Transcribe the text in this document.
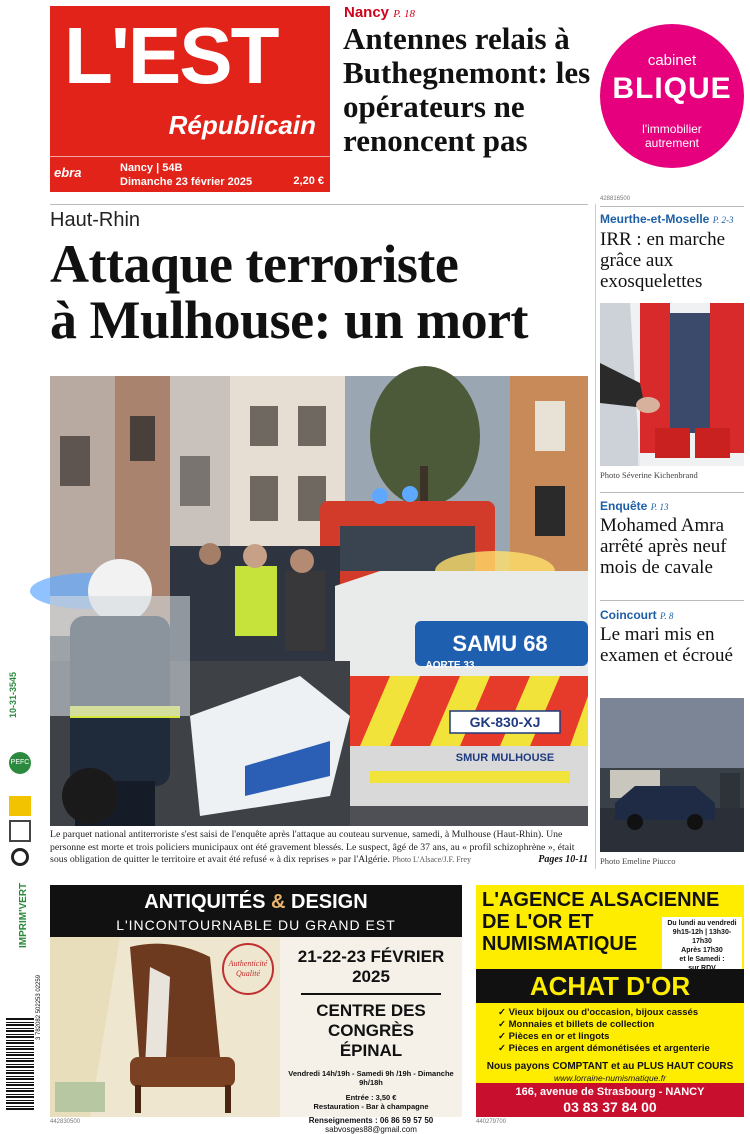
L'EST
Républicain
ebra	Nancy | 54B
Dimanche 23 février 2025	2,20 €
Nancy P. 18
Antennes relais à Buthegnemont: les opérateurs ne renoncent pas
cabinet
BLIQUE
l'immobilier
autrement
428816500
Haut-Rhin
Attaque terroriste
à Mulhouse: un mort
SAMU 68
AORTE 33
GK-830-XJ
SMUR MULHOUSE
Le parquet national antiterroriste s'est saisi de l'enquête après l'attaque au couteau survenue, samedi, à Mulhouse (Haut-Rhin). Une personne est morte et trois policiers municipaux ont été gravement blessés. Le suspect, âgé de 37 ans, au « profil schizophrène », était sous obligation de quitter le territoire et avait été refusé « à dix reprises » par l'Algérie. Photo L'Alsace/J.F. Frey	Pages 10-11
Meurthe-et-Moselle P. 2-3
IRR : en marche grâce aux exosquelettes
Photo Séverine Kichenbrand
Enquête P. 13
Mohamed Amra arrêté après neuf mois de cavale
Coincourt P. 8
Le mari mis en examen et écroué
Photo Emeline Piucco
10-31-3545
PEFC
IMPRIM'VERT
3 782082 502253 02259
ANTIQUITÉS & DESIGN
L'INCONTOURNABLE DU GRAND EST
Authenticité Qualité
21-22-23 FÉVRIER
2025
CENTRE DES CONGRÈS
ÉPINAL
Vendredi 14h/19h - Samedi 9h /19h - Dimanche 9h/18h
Entrée : 3,50 €
Restauration - Bar à champagne
Renseignements : 06 86 59 57 50
sabvosges88@gmail.com
442830500
L'AGENCE ALSACIENNE
DE L'OR ET
NUMISMATIQUE
Du lundi au vendredi
9h15-12h | 13h30-17h30
Après 17h30
et le Samedi :
ACHAT D'OR
✓ Vieux bijoux ou d'occasion, bijoux cassés
✓ Monnaies et billets de collection
✓ Pièces en or et lingots
✓ Pièces en argent démonétisées et argenterie
Nous payons COMPTANT et au PLUS HAUT COURS
www.lorraine-numismatique.fr
166, avenue de Strasbourg - NANCY
03 83 37 84 00
440279700
